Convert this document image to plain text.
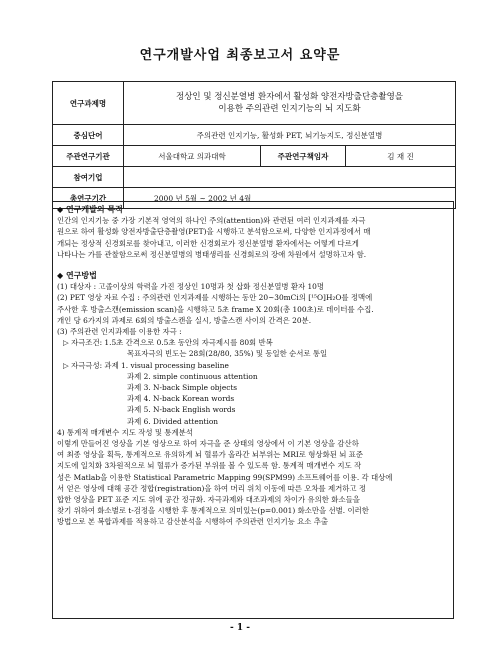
연구개발사업 최종보고서 요약문
연구과제명	정상인 및 정신분열병 환자에서 활성화 양전자방출단층촬영을
이용한 주의관련 인지기능의 뇌 지도화		

중심단어	주의관련 인지기능, 활성화 PET, 뇌기능지도, 정신분열병		
주관연구기관	서울대학교 의과대학	주관연구책임자	김 재 진
참여기업			
총연구기간	2000 년 5월 ~ 2002 년 4월		
◆ 연구개발의 목적

인간의 인지기능 중 가장 기본적 영역의 하나인 주의(attention)와 관련된 여러 인지과제를 자극

원으로 하여 활성화 양전자방출단층촬영(PET)을 시행하고 분석함으로써, 다양한 인지과정에서 매

개되는 정상적 신경회로를 찾아내고, 이러한 신경회로가 정신분열병 환자에서는 어떻게 다르게

나타나는 가를 관찰함으로써 정신분열병의 병태생리를 신경회로의 장애 차원에서 설명하고자 함.

◆ 연구방법

(1) 대상자 : 고졸이상의 학력을 가진 정상인 10명과 첫 삽화 정신분열병 환자 10명

(2) PET 영상 자료 수집 : 주의관련 인지과제를 시행하는 동안 20~30mCi의 [¹⁵O]H₂O를 정맥에

주사한 후 방출스캔(emission scan)을 시행하고 5초 frame X 20회(총 100초)로 데이터를 수집.

개인 당 6가지의 과제로 6회의 방출스캔을 실시, 방출스캔 사이의 간격은 20분.

(3) 주의관련 인지과제를 이용한 자극 :

▷ 자극조건: 1.5초 간격으로 0.5초 동안의 자극제시를 80회 반복

목표자극의 빈도는 28회(28/80, 35%) 및 동일한 순서로 통일

▷ 자극극성: 과제 1. visual processing baseline

과제 2. simple continuous attention

과제 3. N-back Simple objects

과제 4. N-back Korean words

과제 5. N-back English words

과제 6. Divided attention

4) 통계적 매개변수 지도 작성 및 통계분석

이렇게 만들어진 영상을 기본 영상으로 하여 자극을 준 상태의 영상에서 이 기본 영상을 감산하

여 최종 영상을 획득, 통계적으로 유의하게 뇌 혈류가 올라간 뇌부위는 MRI로 형상화된 뇌 표준

지도에 일치화 3차원적으로 뇌 혈류가 증가된 부위를 볼 수 있도록 함. 통계적 매개변수 지도 작

성은 Matlab을 이용한 Statistical Parametric Mapping 99(SPM99) 소프트웨어를 이용. 각 대상에

서 얻은 영상에 대해 공간 정합(registration)을 하여 머리 위치 이동에 따른 오차를 제거하고 정

합한 영상을 PET 표준 지도 위에 공간 정규화. 자극과제와 대조과제의 차이가 유의한 화소들을

찾기 위하여 화소별로 t-검정을 시행한 후 통계적으로 의미있는(p=0.001) 화소만을 선별. 이러한

방법으로 본 복합과제를 적용하고 감산분석을 시행하여 주의관련 인지기능 요소 추출

- 1 -
